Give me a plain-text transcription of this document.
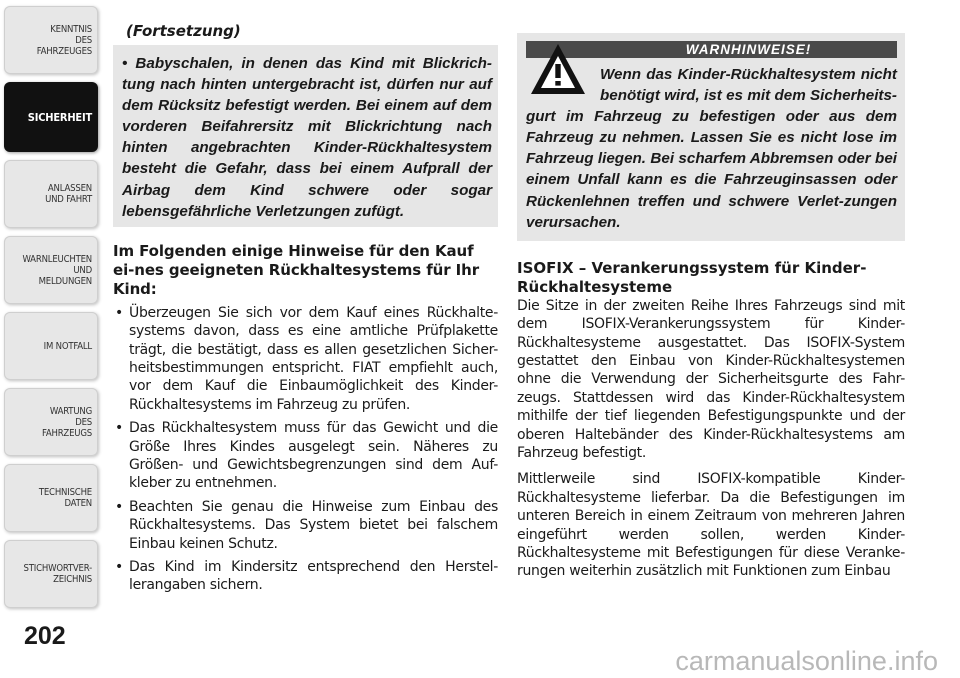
KENNTNIS
DES
FAHRZEUGES
SICHERHEIT
ANLASSEN
UND FAHRT
WARNLEUCHTEN
UND
MELDUNGEN
IM NOTFALL
WARTUNG
DES
FAHRZEUGS
TECHNISCHE
DATEN
STICHWORTVER-
ZEICHNIS
202
(Fortsetzung)

• Babyschalen, in denen das Kind mit Blickrich-tung nach hinten untergebracht ist, dürfen nur auf dem Rücksitz befestigt werden. Bei einem auf dem vorderen Beifahrersitz mit Blickrichtung nach hinten angebrachten Kinder-Rückhaltesystem besteht die Gefahr, dass bei einem Aufprall der Airbag dem Kind schwere oder sogar lebensgefährliche Verletzungen zufügt.

Im Folgenden einige Hinweise für den Kauf ei-nes geeigneten Rückhaltesystems für Ihr Kind:
• Überzeugen Sie sich vor dem Kauf eines Rückhalte-systems davon, dass es eine amtliche Prüfplakette trägt, die bestätigt, dass es allen gesetzlichen Sicher-heitsbestimmungen entspricht. FIAT empfiehlt auch, vor dem Kauf die Einbaumöglichkeit des Kinder-Rückhaltesystems im Fahrzeug zu prüfen.
• Das Rückhaltesystem muss für das Gewicht und die Größe Ihres Kindes ausgelegt sein. Näheres zu Größen- und Gewichtsbegrenzungen sind dem Auf-kleber zu entnehmen.
• Beachten Sie genau die Hinweise zum Einbau des Rückhaltesystems. Das System bietet bei falschem Einbau keinen Schutz.
• Das Kind im Kindersitz entsprechend den Herstel-lerangaben sichern.
WARNHINWEISE!

Wenn das Kinder-Rückhaltesystem nicht benötigt wird, ist es mit dem Sicherheits-gurt im Fahrzeug zu befestigen oder aus dem Fahrzeug zu nehmen. Lassen Sie es nicht lose im Fahrzeug liegen. Bei scharfem Abbremsen oder bei einem Unfall kann es die Fahrzeuginsassen oder Rückenlehnen treffen und schwere Verlet-zungen verursachen.

ISOFIX – Verankerungssystem für Kinder-Rückhaltesysteme

Die Sitze in der zweiten Reihe Ihres Fahrzeugs sind mit dem ISOFIX-Verankerungssystem für Kinder-Rückhaltesysteme ausgestattet. Das ISOFIX-System gestattet den Einbau von Kinder-Rückhaltesystemen ohne die Verwendung der Sicherheitsgurte des Fahr-zeugs. Stattdessen wird das Kinder-Rückhaltesystem mithilfe der tief liegenden Befestigungspunkte und der oberen Haltebänder des Kinder-Rückhaltesystems am Fahrzeug befestigt.

Mittlerweile sind ISOFIX-kompatible Kinder-Rückhaltesysteme lieferbar. Da die Befestigungen im unteren Bereich in einem Zeitraum von mehreren Jahren eingeführt werden sollen, werden Kinder-Rückhaltesysteme mit Befestigungen für diese Veranke-rungen weiterhin zusätzlich mit Funktionen zum Einbau

carmanualsonline.info
